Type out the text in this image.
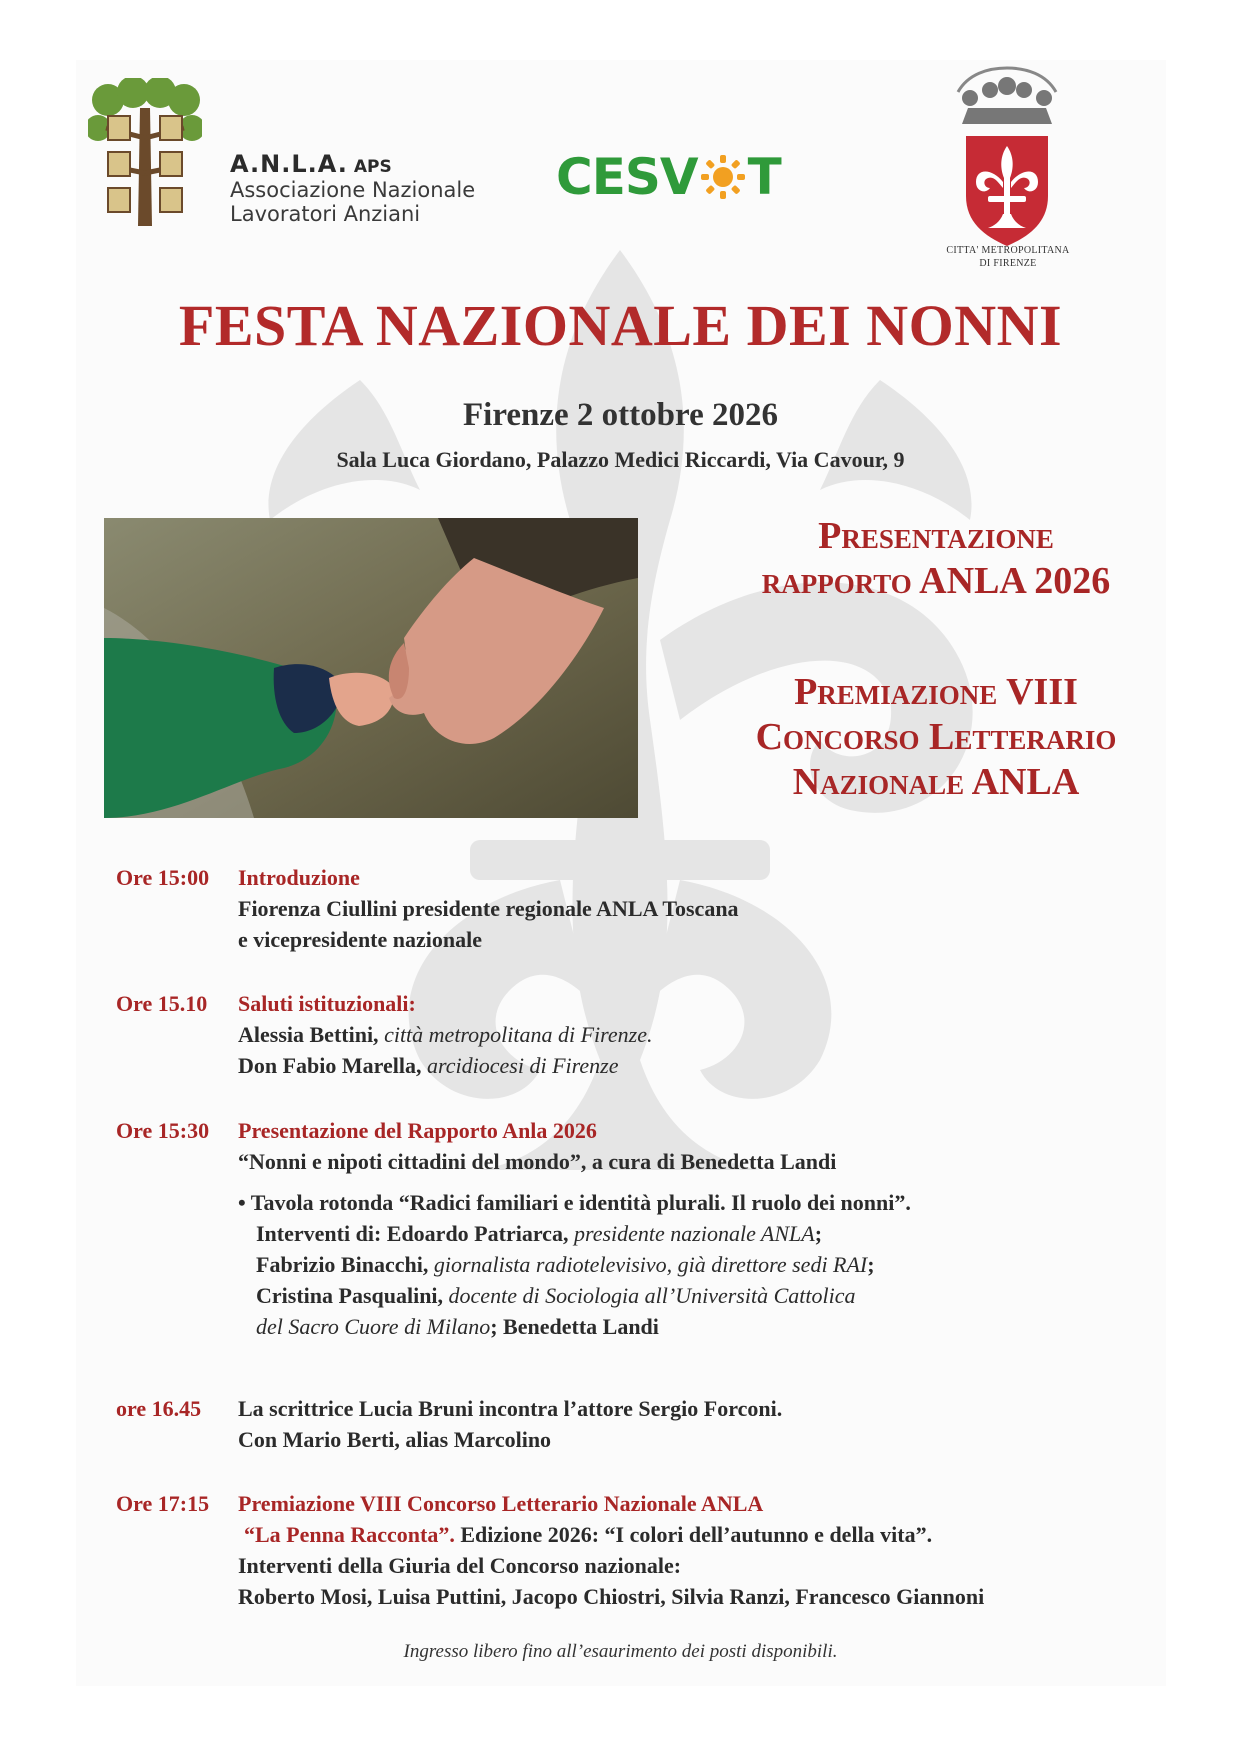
A.N.L.A. APS
Associazione Nazionale
Lavoratori Anziani
CESV T
CITTA' METROPOLITANA
DI FIRENZE
FESTA NAZIONALE DEI NONNI
Firenze 2 ottobre 2026
Sala Luca Giordano, Palazzo Medici Riccardi, Via Cavour, 9
Presentazione
rapporto ANLA 2026
Premiazione VIII
Concorso Letterario
Nazionale ANLA
Ore 15:00 Introduzione
Fiorenza Ciullini presidente regionale ANLA Toscana
e vicepresidente nazionale
Ore 15.10 Saluti istituzionali:
Alessia Bettini, città metropolitana di Firenze.
Don Fabio Marella, arcidiocesi di Firenze
Ore 15:30 Presentazione del Rapporto Anla 2026
“Nonni e nipoti cittadini del mondo”, a cura di Benedetta Landi
• Tavola rotonda “Radici familiari e identità plurali. Il ruolo dei nonni”.
Interventi di: Edoardo Patriarca, presidente nazionale ANLA;
Fabrizio Binacchi, giornalista radiotelevisivo, già direttore sedi RAI;
Cristina Pasqualini, docente di Sociologia all’Università Cattolica
del Sacro Cuore di Milano; Benedetta Landi
ore 16.45 La scrittrice Lucia Bruni incontra l’attore Sergio Forconi.
Con Mario Berti, alias Marcolino
Ore 17:15 Premiazione VIII Concorso Letterario Nazionale ANLA
“La Penna Racconta”. Edizione 2026: “I colori dell’autunno e della vita”.
Interventi della Giuria del Concorso nazionale:
Roberto Mosi, Luisa Puttini, Jacopo Chiostri, Silvia Ranzi, Francesco Giannoni
Ingresso libero fino all’esaurimento dei posti disponibili.
